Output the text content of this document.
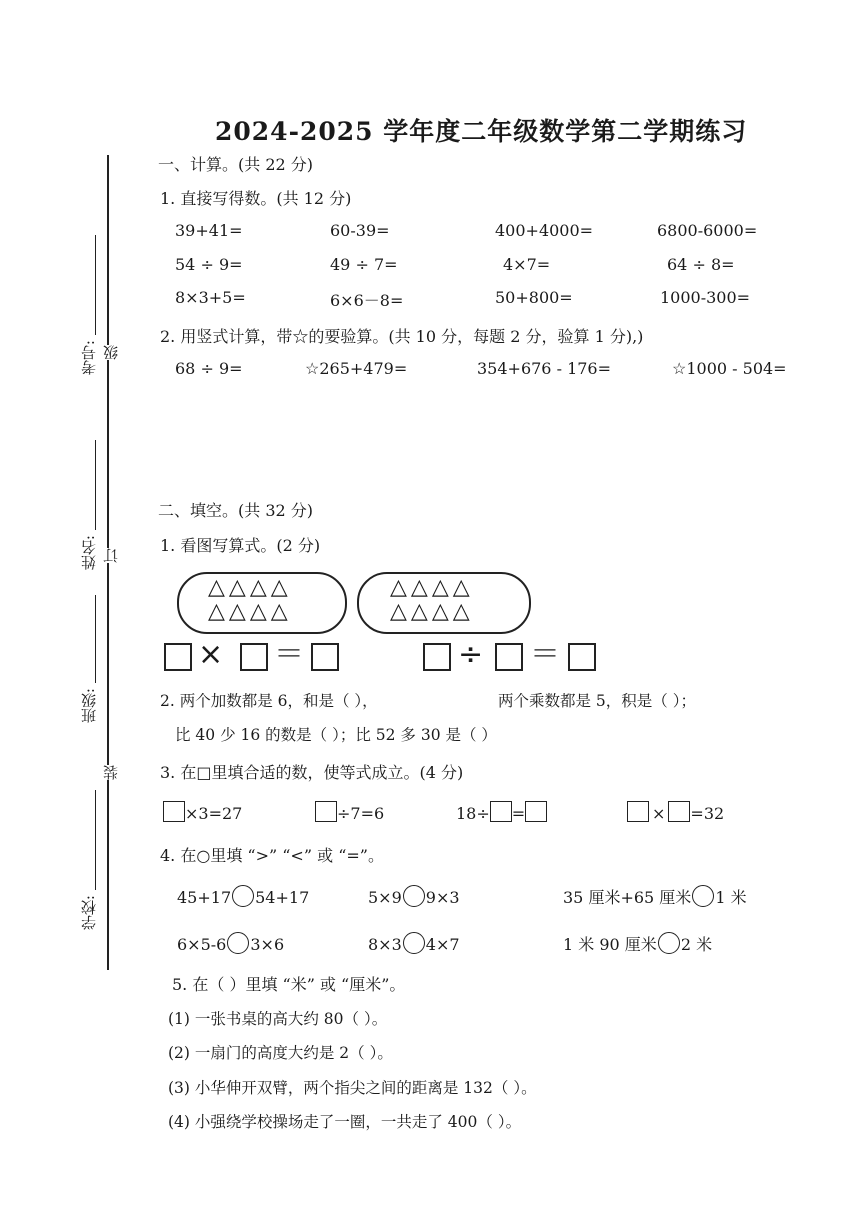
2024-2025 学年度二年级数学第二学期练习
考号:
姓名:
班级:
学校:
级
订
装
一、计算。(共 22 分)
1. 直接写得数。(共 12 分)
39+41=	60-39=	400+4000=	6800-6000=
54 ÷ 9=	49 ÷ 7=	4×7=	64 ÷ 8=
8×3+5=	6×6－8=	50+800=	1000-300=
2. 用竖式计算，带☆的要验算。(共 10 分，每题 2 分，验算 1 分),)
68 ÷ 9=	☆265+479=	354+676 - 176=	☆1000 - 504=
二、填空。(共 32 分)
1. 看图写算式。(2 分)
△△△△
△△△△
△△△△
△△△△
× ＝	÷ ＝
2. 两个加数都是 6，和是（ ），	两个乘数都是 5，积是（ ）；
比 40 少 16 的数是（ ）；比 52 多 30 是（ ）
3. 在□里填合适的数，使等式成立。(4 分)
×3=27	÷7=6	18÷ =	× =32
4. 在○里填 “>” “<” 或 “=”。
45+17 54+17	5×9 9×3	35 厘米+65 厘米 1 米
6×5-6 3×6	8×3 4×7	1 米 90 厘米 2 米
5. 在（ ）里填 “米” 或 “厘米”。
(1) 一张书桌的高大约 80（ ）。
(2) 一扇门的高度大约是 2（ ）。
(3) 小华伸开双臂，两个指尖之间的距离是 132（ ）。
(4) 小强绕学校操场走了一圈，一共走了 400（ ）。
